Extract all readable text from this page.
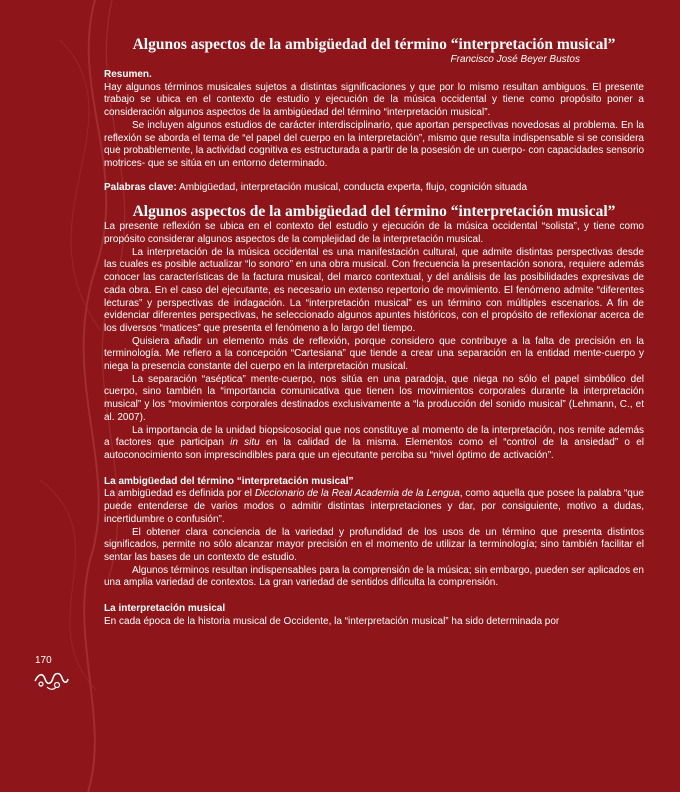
Algunos aspectos de la ambigüedad del término “interpretación musical”

Francisco José Beyer Bustos

Resumen.

Hay algunos términos musicales sujetos a distintas significaciones y que por lo mismo resultan ambiguos. El presente trabajo se ubica en el contexto de estudio y ejecución de la música occidental y tiene como propósito poner a consideración algunos aspectos de la ambigüedad del término “interpretación musical”.

Se incluyen algunos estudios de carácter interdisciplinario, que aportan perspectivas novedosas al problema. En la reflexión se aborda el tema de “el papel del cuerpo en la interpretación”, mismo que resulta indispensable si se considera que probablemente, la actividad cognitiva es estructurada a partir de la posesión de un cuerpo- con capacidades sensorio motrices- que se sitúa en un entorno determinado.

Palabras clave: Ambigüedad, interpretación musical, conducta experta, flujo, cognición situada

Algunos aspectos de la ambigüedad del término “interpretación musical”

La presente reflexión se ubica en el contexto del estudio y ejecución de la música occidental “solista”, y tiene como propósito considerar algunos aspectos de la complejidad de la interpretación musical.

La interpretación de la música occidental es una manifestación cultural, que admite distintas perspectivas desde las cuales es posible actualizar “lo sonoro” en una obra musical. Con frecuencia la presentación sonora, requiere además conocer las características de la factura musical, del marco contextual, y del análisis de las posibilidades expresivas de cada obra. En el caso del ejecutante, es necesario un extenso repertorio de movimiento. El fenómeno admite “diferentes lecturas” y perspectivas de indagación. La “interpretación musical” es un término con múltiples escenarios. A fin de evidenciar diferentes perspectivas, he seleccionado algunos apuntes históricos, con el propósito de reflexionar acerca de los diversos “matices” que presenta el fenómeno a lo largo del tiempo.

Quisiera añadir un elemento más de reflexión, porque considero que contribuye a la falta de precisión en la terminología. Me refiero a la concepción “Cartesiana” que tiende a crear una separación en la entidad mente-cuerpo y niega la presencia constante del cuerpo en la interpretación musical.

La separación “aséptica” mente-cuerpo, nos sitúa en una paradoja, que niega no sólo el papel simbólico del cuerpo, sino también la “importancia comunicativa que tienen los movimientos corporales durante la interpretación musical” y los “movimientos corporales destinados exclusivamente a “la producción del sonido musical” (Lehmann, C., et al. 2007).

La importancia de la unidad biopsicosocial que nos constituye al momento de la interpretación, nos remite además a factores que participan in situ en la calidad de la misma. Elementos como el “control de la ansiedad” o el autoconocimiento son imprescindibles para que un ejecutante perciba su “nivel óptimo de activación”.

La ambigüedad del término “interpretación musical”

La ambigüedad es definida por el Diccionario de la Real Academia de la Lengua, como aquella que posee la palabra “que puede entenderse de varios modos o admitir distintas interpretaciones y dar, por consiguiente, motivo a dudas, incertidumbre o confusión”.

El obtener clara conciencia de la variedad y profundidad de los usos de un término que presenta distintos significados, permite no sólo alcanzar mayor precisión en el momento de utilizar la terminología; sino también facilitar el sentar las bases de un contexto de estudio.

Algunos términos resultan indispensables para la comprensión de la música; sin embargo, pueden ser aplicados en una amplia variedad de contextos. La gran variedad de sentidos dificulta la comprensión.

La interpretación musical

En cada época de la historia musical de Occidente, la “interpretación musical” ha sido determinada por

170
